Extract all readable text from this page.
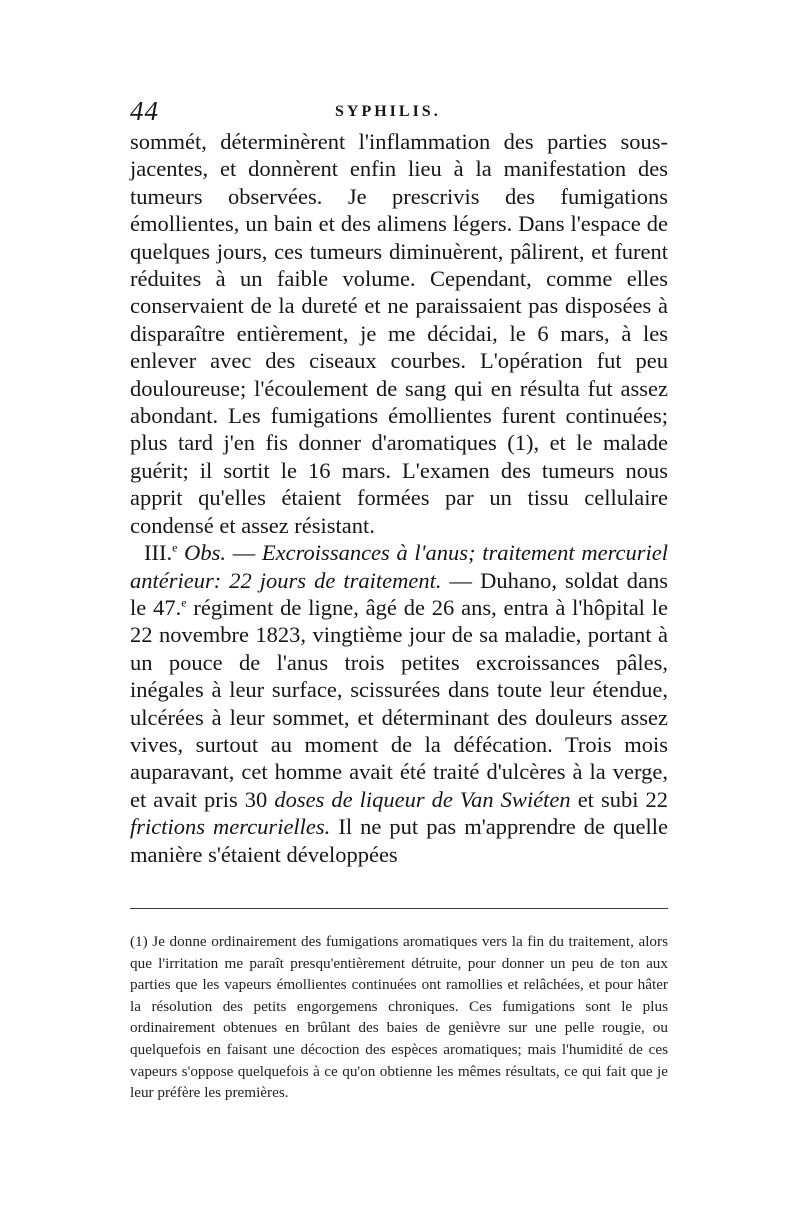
44	SYPHILIS.

sommét, déterminèrent l'inflammation des parties sous-jacentes, et donnèrent enfin lieu à la manifestation des tumeurs observées. Je prescrivis des fumigations émollientes, un bain et des alimens légers. Dans l'espace de quelques jours, ces tumeurs diminuèrent, pâlirent, et furent réduites à un faible volume. Cependant, comme elles conservaient de la dureté et ne paraissaient pas disposées à disparaître entièrement, je me décidai, le 6 mars, à les enlever avec des ciseaux courbes. L'opération fut peu douloureuse; l'écoulement de sang qui en résulta fut assez abondant. Les fumigations émollientes furent continuées; plus tard j'en fis donner d'aromatiques (1), et le malade guérit; il sortit le 16 mars. L'examen des tumeurs nous apprit qu'elles étaient formées par un tissu cellulaire condensé et assez résistant.

III.$^e$ Obs. — Excroissances à l'anus; traitement mercuriel antérieur: 22 jours de traitement. — Duhano, soldat dans le 47.$^e$ régiment de ligne, âgé de 26 ans, entra à l'hôpital le 22 novembre 1823, vingtième jour de sa maladie, portant à un pouce de l'anus trois petites excroissances pâles, inégales à leur surface, scissurées dans toute leur étendue, ulcérées à leur sommet, et déterminant des douleurs assez vives, surtout au moment de la défécation. Trois mois auparavant, cet homme avait été traité d'ulcères à la verge, et avait pris 30 doses de liqueur de Van Swiéten et subi 22 frictions mercurielles. Il ne put pas m'apprendre de quelle manière s'étaient développées

(1) Je donne ordinairement des fumigations aromatiques vers la fin du traitement, alors que l'irritation me paraît presqu'entièrement détruite, pour donner un peu de ton aux parties que les vapeurs émollientes continuées ont ramollies et relâchées, et pour hâter la résolution des petits engorgemens chroniques. Ces fumigations sont le plus ordinairement obtenues en brûlant des baies de genièvre sur une pelle rougie, ou quelquefois en faisant une décoction des espèces aromatiques; mais l'humidité de ces vapeurs s'oppose quelquefois à ce qu'on obtienne les mêmes résultats, ce qui fait que je leur préfère les premières.
